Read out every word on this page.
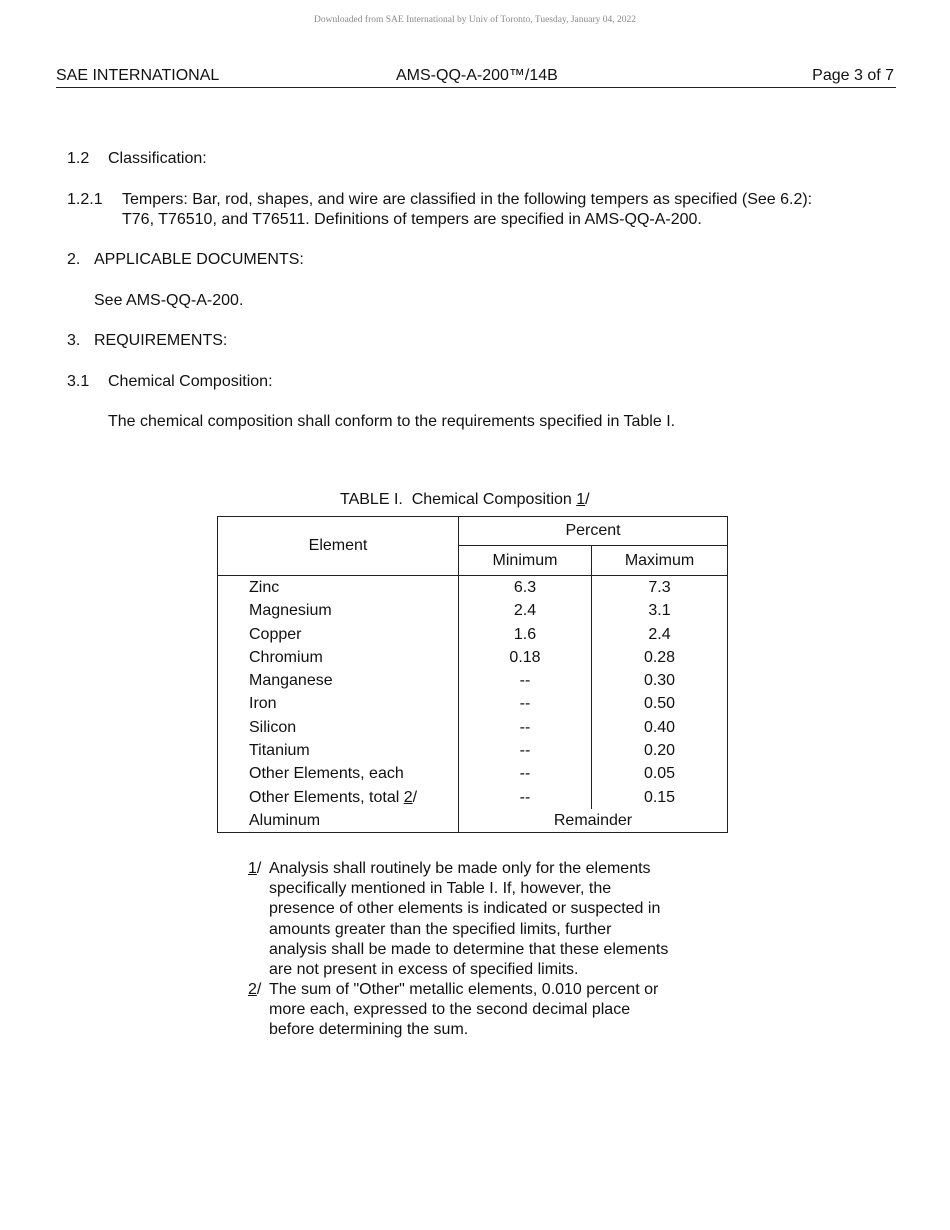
Downloaded from SAE International by Univ of Toronto, Tuesday, January 04, 2022
SAE INTERNATIONAL	AMS-QQ-A-200™/14B	Page 3 of 7
1.2 Classification:
1.2.1 Tempers: Bar, rod, shapes, and wire are classified in the following tempers as specified (See 6.2):
T76, T76510, and T76511. Definitions of tempers are specified in AMS-QQ-A-200.
2. APPLICABLE DOCUMENTS:
See AMS-QQ-A-200.
3. REQUIREMENTS:
3.1 Chemical Composition:
The chemical composition shall conform to the requirements specified in Table I.
TABLE I.  Chemical Composition 1/
Element	Percent	
	Minimum	Maximum
Zinc	6.3	7.3
Magnesium	2.4	3.1
Copper	1.6	2.4
Chromium	0.18	0.28
Manganese	--	0.30
Iron	--	0.50
Silicon	--	0.40
Titanium	--	0.20
Other Elements, each	--	0.05
Other Elements, total 2/	--	0.15
Aluminum	Remainder	
1/ Analysis shall routinely be made only for the elements
specifically mentioned in Table I. If, however, the
presence of other elements is indicated or suspected in
amounts greater than the specified limits, further
analysis shall be made to determine that these elements
are not present in excess of specified limits.
2/ The sum of "Other" metallic elements, 0.010 percent or
more each, expressed to the second decimal place
before determining the sum.
